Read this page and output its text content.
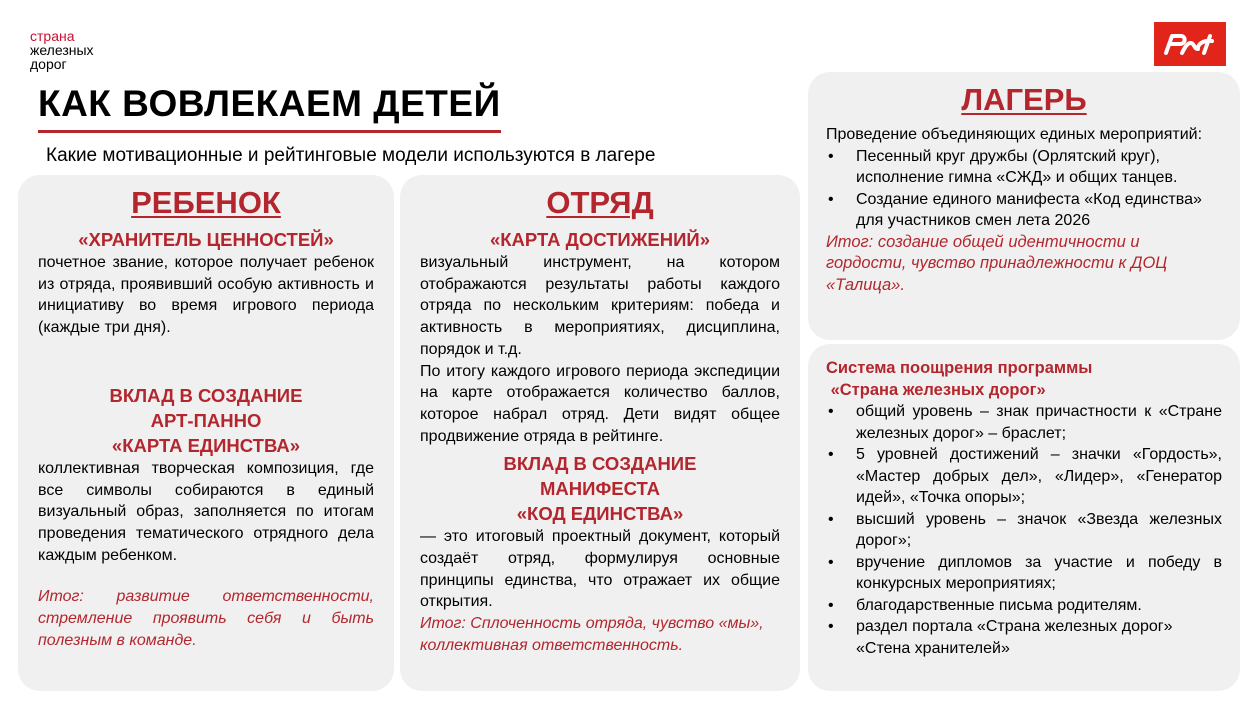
страна
железных
дорог
КАК ВОВЛЕКАЕМ ДЕТЕЙ
Какие мотивационные и рейтинговые модели используются в лагере
РЕБЕНОК
«ХРАНИТЕЛЬ ЦЕННОСТЕЙ»
почетное звание, которое получает ребенок из отряда, проявивший особую активность и инициативу во время игрового периода (каждые три дня).
ВКЛАД В СОЗДАНИЕ
АРТ-ПАННО
«КАРТА ЕДИНСТВА»
коллективная творческая композиция, где все символы собираются в единый визуальный образ, заполняется по итогам проведения тематического отрядного дела каждым ребенком.
Итог: развитие ответственности, стремление проявить себя и быть полезным в команде.
ОТРЯД
«КАРТА ДОСТИЖЕНИЙ»
визуальный инструмент, на котором отображаются результаты работы каждого отряда по нескольким критериям: победа и активность в мероприятиях, дисциплина, порядок и т.д.
По итогу каждого игрового периода экспедиции на карте отображается количество баллов, которое набрал отряд. Дети видят общее продвижение отряда в рейтинге.
ВКЛАД В СОЗДАНИЕ
МАНИФЕСТА
«КОД ЕДИНСТВА»
— это итоговый проектный документ, который создаёт отряд, формулируя основные принципы единства, что отражает их общие открытия.
Итог: Сплоченность отряда, чувство «мы», коллективная ответственность.
ЛАГЕРЬ
Проведение объединяющих единых мероприятий:
• Песенный круг дружбы (Орлятский круг), исполнение гимна «СЖД» и общих танцев.
• Создание единого манифеста «Код единства» для участников смен лета 2026
Итог: создание общей идентичности и гордости, чувство принадлежности к ДОЦ «Талица».
Система поощрения программы
«Страна железных дорог»
• общий уровень – знак причастности к «Стране железных дорог» – браслет;
• 5 уровней достижений – значки «Гордость», «Мастер добрых дел», «Лидер», «Генератор идей», «Точка опоры»;
• высший уровень – значок «Звезда железных дорог»;
• вручение дипломов за участие и победу в конкурсных мероприятиях;
• благодарственные письма родителям.
• раздел портала «Страна железных дорог» «Стена хранителей»
